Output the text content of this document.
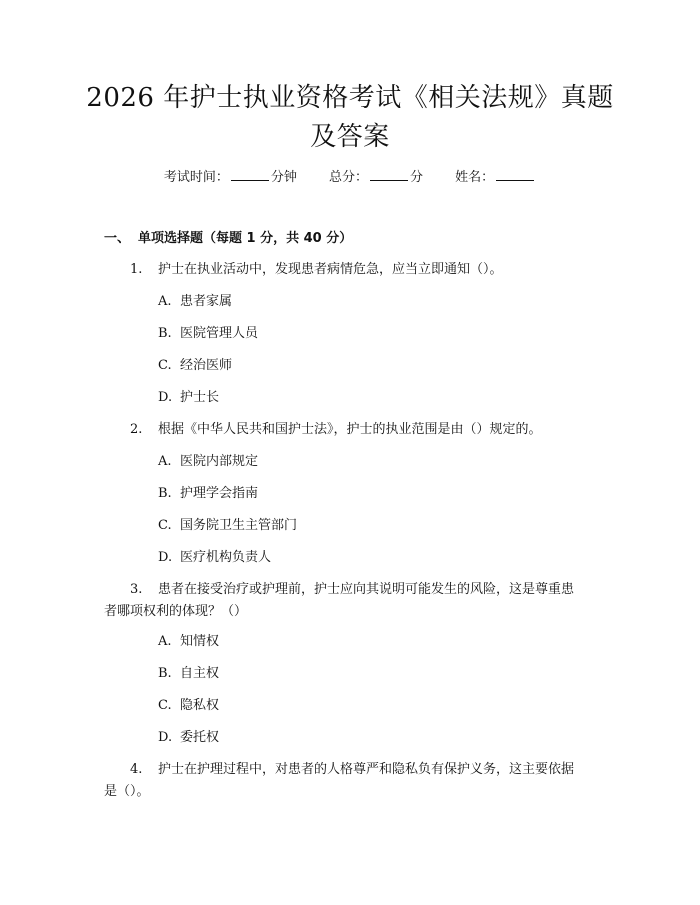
2026 年护士执业资格考试《相关法规》真题
及答案
考试时间：	分钟 总分：	分 姓名：
一、 单项选择题（每题 1 分，共 40 分）
1. 护士在执业活动中，发现患者病情危急，应当立即通知（）。
A. 患者家属
B. 医院管理人员
C. 经治医师
D. 护士长
2. 根据《中华人民共和国护士法》，护士的执业范围是由（）规定的。
A. 医院内部规定
B. 护理学会指南
C. 国务院卫生主管部门
D. 医疗机构负责人
3. 患者在接受治疗或护理前，护士应向其说明可能发生的风险，这是尊重患
者哪项权利的体现？（）
A. 知情权
B. 自主权
C. 隐私权
D. 委托权
4. 护士在护理过程中，对患者的人格尊严和隐私负有保护义务，这主要依据
是（）。
